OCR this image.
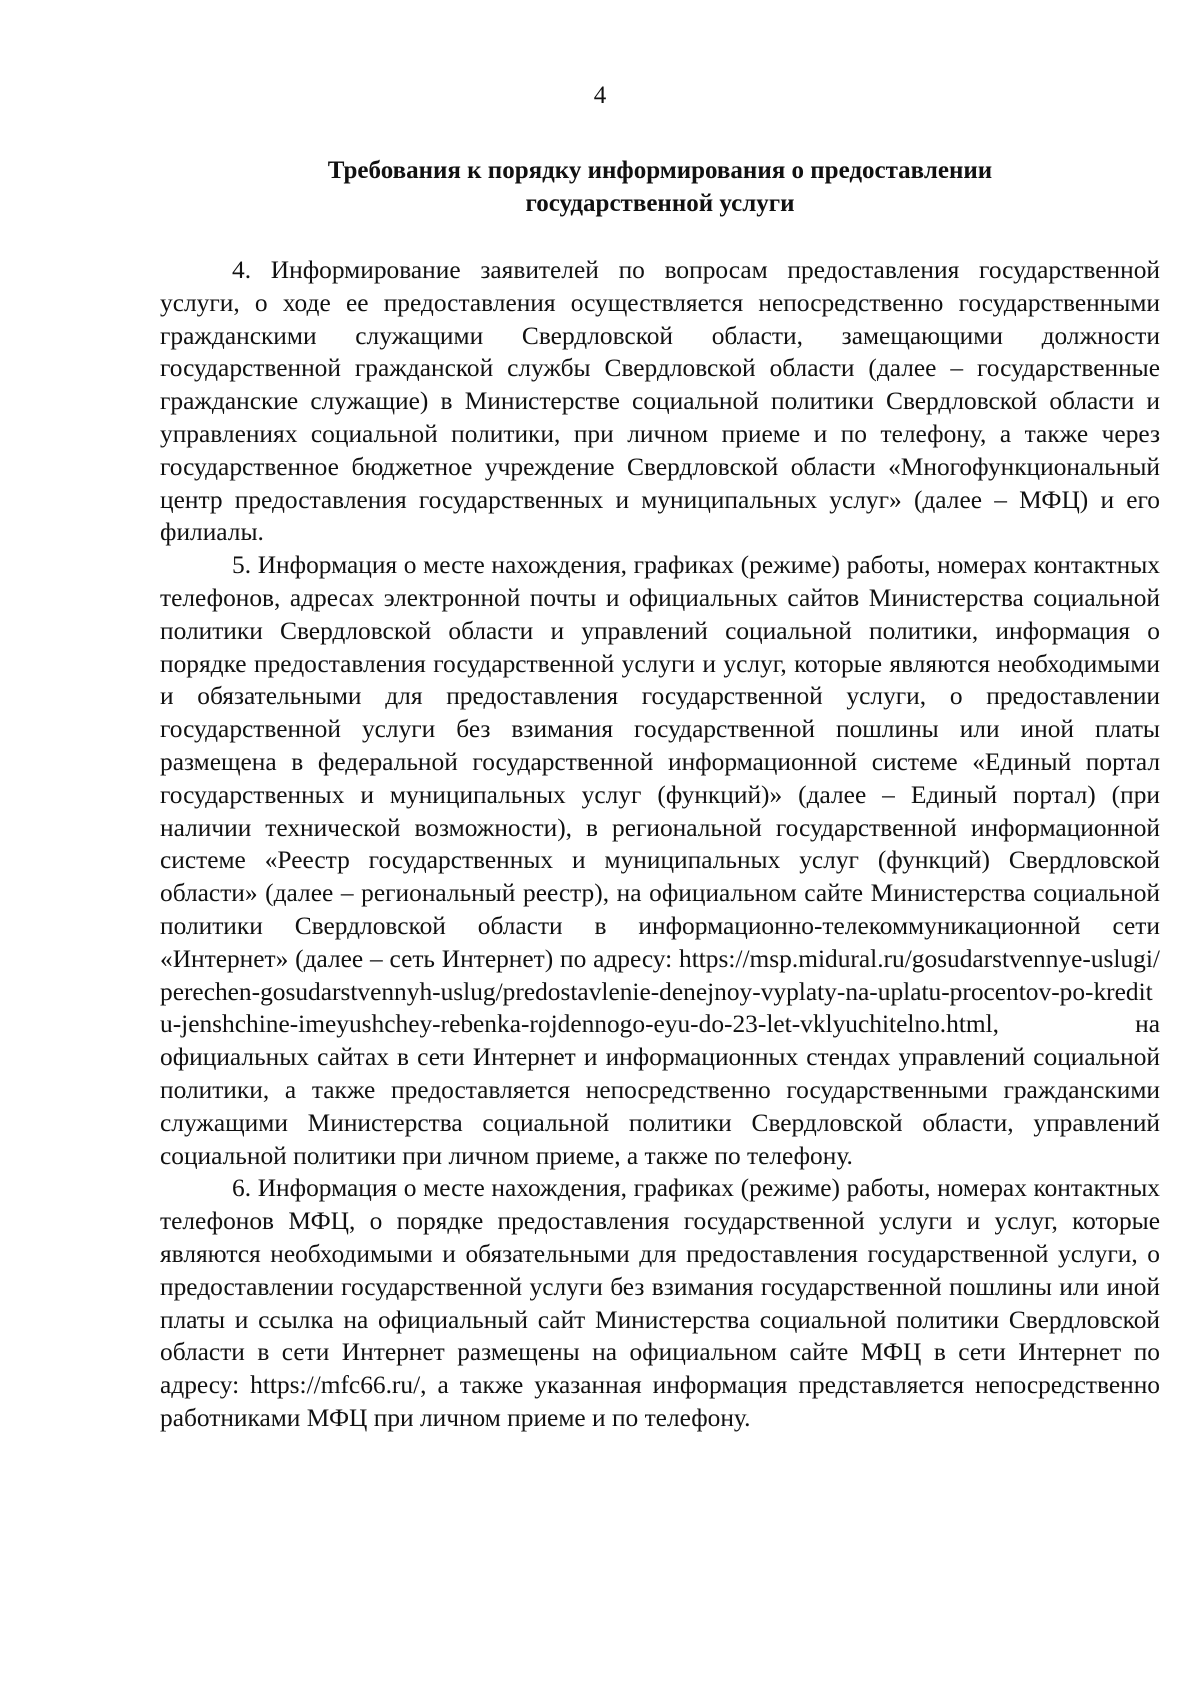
4
Требования к порядку информирования о предоставлении
государственной услуги

4. Информирование заявителей по вопросам предоставления государственной услуги, о ходе ее предоставления осуществляется непосредственно государственными гражданскими служащими Свердловской области, замещающими должности государственной гражданской службы Свердловской области (далее – государственные гражданские служащие) в Министерстве социальной политики Свердловской области и управлениях социальной политики, при личном приеме и по телефону, а также через государственное бюджетное учреждение Свердловской области «Многофункциональный центр предоставления государственных и муниципальных услуг» (далее – МФЦ) и его филиалы.

5. Информация о месте нахождения, графиках (режиме) работы, номерах контактных телефонов, адресах электронной почты и официальных сайтов Министерства социальной политики Свердловской области и управлений социальной политики, информация о порядке предоставления государственной услуги и услуг, которые являются необходимыми и обязательными для предоставления государственной услуги, о предоставлении государственной услуги без взимания государственной пошлины или иной платы размещена в федеральной государственной информационной системе «Единый портал государственных и муниципальных услуг (функций)» (далее – Единый портал) (при наличии технической возможности), в региональной государственной информационной системе «Реестр государственных и муниципальных услуг (функций) Свердловской области» (далее – региональный реестр), на официальном сайте Министерства социальной политики Свердловской области в информационно-телекоммуникационной сети «Интернет» (далее – сеть Интернет) по адресу: https://msp.midural.ru/gosudarstvennye-uslugi/perechen-gosudarstvennyh-uslug/predostavlenie-denejnoy-vyplaty-na-uplatu-procentov-po-kreditu-jenshchine-imeyushchey-rebenka-rojdennogo-eyu-do-23-let-vklyuchitelno.html,	на официальных сайтах в сети Интернет и информационных стендах управлений социальной политики, а также предоставляется непосредственно государственными гражданскими служащими Министерства социальной политики Свердловской области, управлений социальной политики при личном приеме, а также по телефону.

6. Информация о месте нахождения, графиках (режиме) работы, номерах контактных телефонов МФЦ, о порядке предоставления государственной услуги и услуг, которые являются необходимыми и обязательными для предоставления государственной услуги, о предоставлении государственной услуги без взимания государственной пошлины или иной платы и ссылка на официальный сайт Министерства социальной политики Свердловской области в сети Интернет размещены на официальном сайте МФЦ в сети Интернет по адресу: https://mfc66.ru/, а также указанная информация представляется непосредственно работниками МФЦ при личном приеме и по телефону.
